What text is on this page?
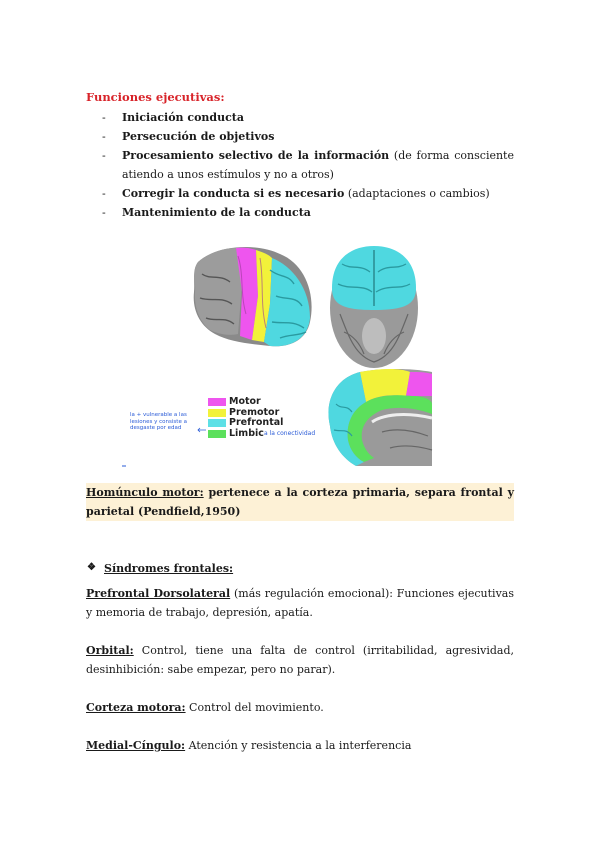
Funciones ejecutivas:
- Iniciación conducta
- Persecución de objetivos
- Procesamiento selectivo de la información (de forma consciente atiendo a unos estímulos y no a otros)
- Corregir la conducta si es necesario (adaptaciones o cambios)
- Mantenimiento de la conducta
Motor
Premotor
Prefrontal
Limbic
la + vulnerable a las lesiones y consiste a desgaste por edad
a la conectividad
Homúnculo motor: pertenece a la corteza primaria, separa frontal y parietal (Pendfield,1950)
❖ Síndromes frontales:
Prefrontal Dorsolateral (más regulación emocional): Funciones ejecutivas y memoria de trabajo, depresión, apatía.
Orbital: Control, tiene una falta de control (irritabilidad, agresividad, desinhibición: sabe empezar, pero no parar).
Corteza motora: Control del movimiento.
Medial-Cíngulo: Atención y resistencia a la interferencia
